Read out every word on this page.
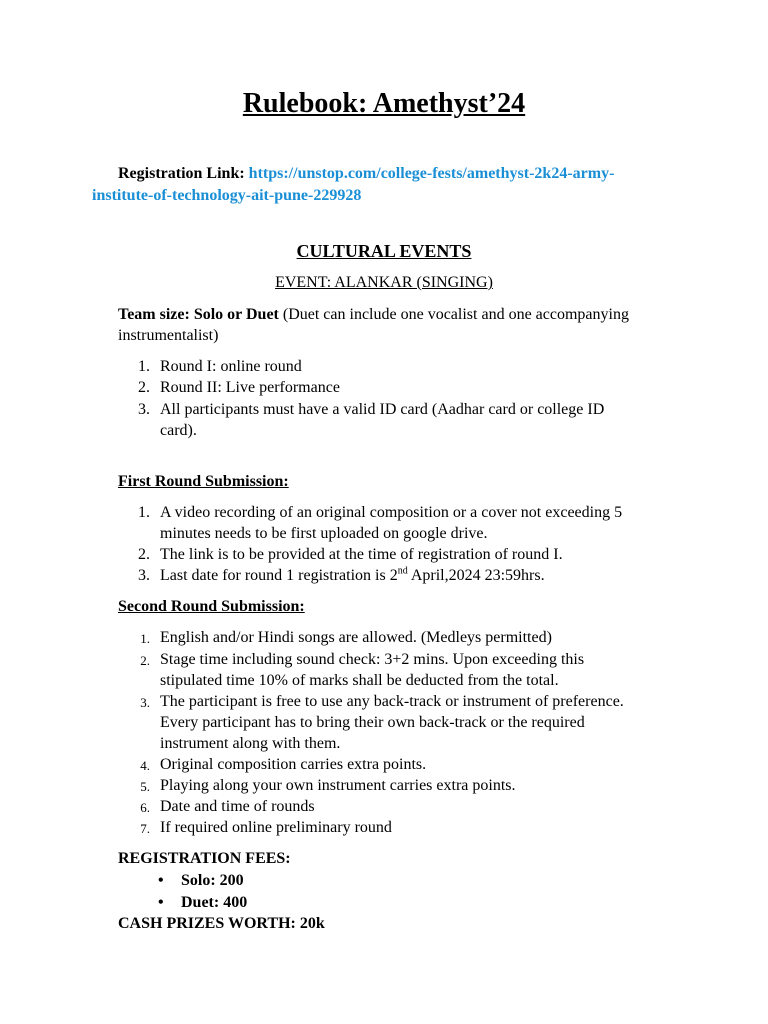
Rulebook: Amethyst’24
Registration Link: https://unstop.com/college-fests/amethyst-2k24-army-
institute-of-technology-ait-pune-229928
CULTURAL EVENTS
EVENT: ALANKAR (SINGING)
Team size: Solo or Duet (Duet can include one vocalist and one accompanying
instrumentalist)
1. Round I: online round
2. Round II: Live performance
3. All participants must have a valid ID card (Aadhar card or college ID
card).
First Round Submission:
1. A video recording of an original composition or a cover not exceeding 5
minutes needs to be first uploaded on google drive.
2. The link is to be provided at the time of registration of round I.
3. Last date for round 1 registration is 2nd April,2024 23:59hrs.
Second Round Submission:
1. English and/or Hindi songs are allowed. (Medleys permitted)
2. Stage time including sound check: 3+2 mins. Upon exceeding this
stipulated time 10% of marks shall be deducted from the total.
3. The participant is free to use any back-track or instrument of preference.
Every participant has to bring their own back-track or the required
instrument along with them.
4. Original composition carries extra points.
5. Playing along your own instrument carries extra points.
6. Date and time of rounds
7. If required online preliminary round
REGISTRATION FEES:
• Solo: 200
• Duet: 400
CASH PRIZES WORTH: 20k
